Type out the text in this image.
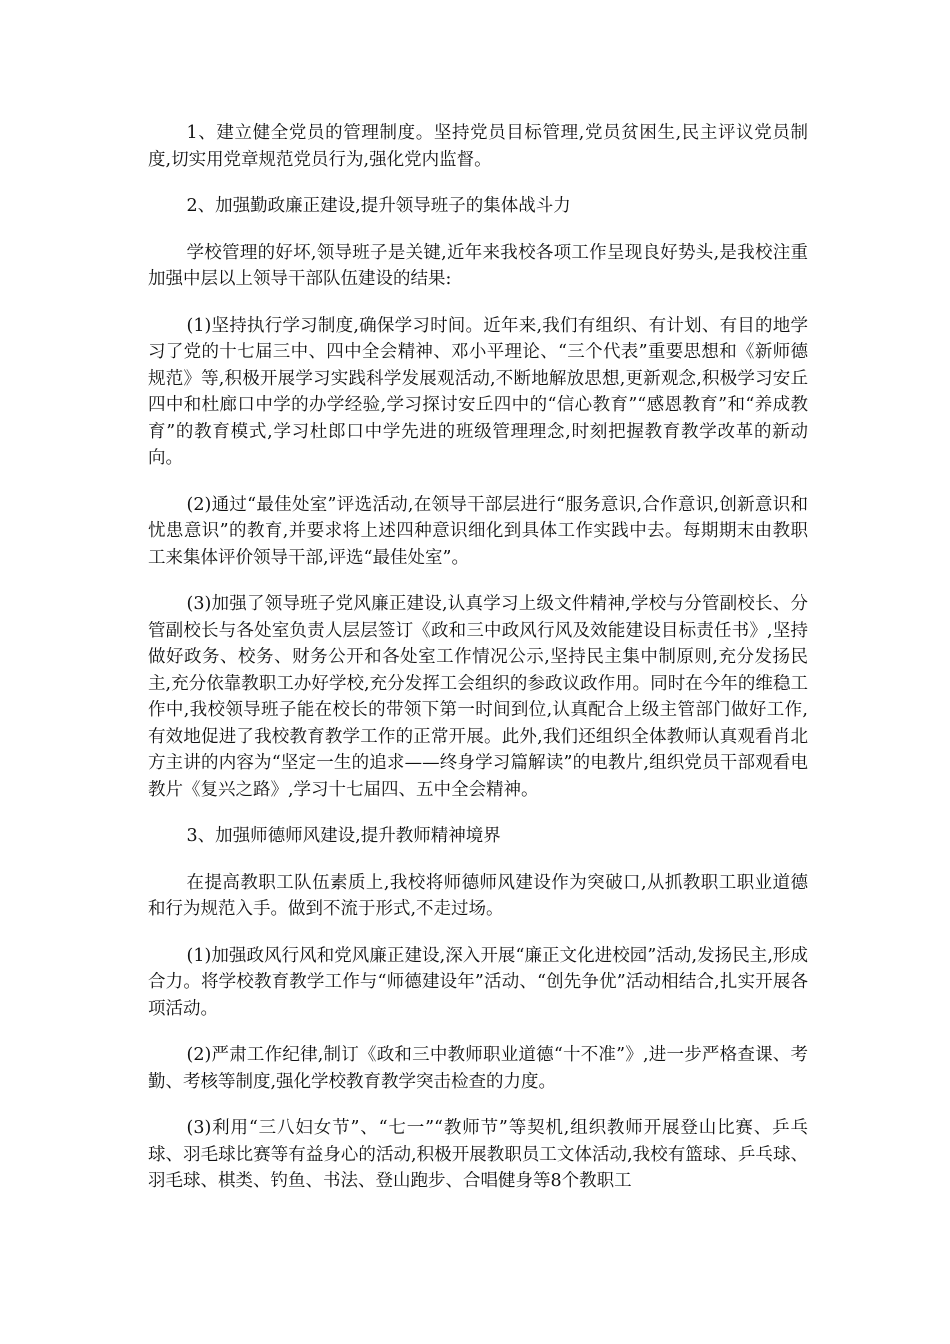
1、建立健全党员的管理制度。坚持党员目标管理,党员贫困生,民主评议党员制度,切实用党章规范党员行为,强化党内监督。

2、加强勤政廉正建设,提升领导班子的集体战斗力

学校管理的好坏,领导班子是关键,近年来我校各项工作呈现良好势头,是我校注重加强中层以上领导干部队伍建设的结果:

(1)坚持执行学习制度,确保学习时间。近年来,我们有组织、有计划、有目的地学习了党的十七届三中、四中全会精神、邓小平理论、“三个代表”重要思想和《新师德规范》等,积极开展学习实践科学发展观活动,不断地解放思想,更新观念,积极学习安丘四中和杜廊口中学的办学经验,学习探讨安丘四中的“信心教育”“感恩教育”和“养成教育”的教育模式,学习杜郎口中学先进的班级管理理念,时刻把握教育教学改革的新动向。

(2)通过“最佳处室”评选活动,在领导干部层进行“服务意识,合作意识,创新意识和忧患意识”的教育,并要求将上述四种意识细化到具体工作实践中去。每期期末由教职工来集体评价领导干部,评选“最佳处室”。

(3)加强了领导班子党风廉正建设,认真学习上级文件精神,学校与分管副校长、分管副校长与各处室负责人层层签订《政和三中政风行风及效能建设目标责任书》,坚持做好政务、校务、财务公开和各处室工作情况公示,坚持民主集中制原则,充分发扬民主,充分依靠教职工办好学校,充分发挥工会组织的参政议政作用。同时在今年的维稳工作中,我校领导班子能在校长的带领下第一时间到位,认真配合上级主管部门做好工作,有效地促进了我校教育教学工作的正常开展。此外,我们还组织全体教师认真观看肖北方主讲的内容为“坚定一生的追求——终身学习篇解读”的电教片,组织党员干部观看电教片《复兴之路》,学习十七届四、五中全会精神。

3、加强师德师风建设,提升教师精神境界

在提高教职工队伍素质上,我校将师德师风建设作为突破口,从抓教职工职业道德和行为规范入手。做到不流于形式,不走过场。

(1)加强政风行风和党风廉正建设,深入开展“廉正文化进校园”活动,发扬民主,形成合力。将学校教育教学工作与“师德建设年”活动、“创先争优”活动相结合,扎实开展各项活动。

(2)严肃工作纪律,制订《政和三中教师职业道德“十不准”》,进一步严格查课、考勤、考核等制度,强化学校教育教学突击检查的力度。

(3)利用“三八妇女节”、“七一”“教师节”等契机,组织教师开展登山比赛、乒乓球、羽毛球比赛等有益身心的活动,积极开展教职员工文体活动,我校有篮球、乒乓球、羽毛球、棋类、钓鱼、书法、登山跑步、合唱健身等8个教职工
